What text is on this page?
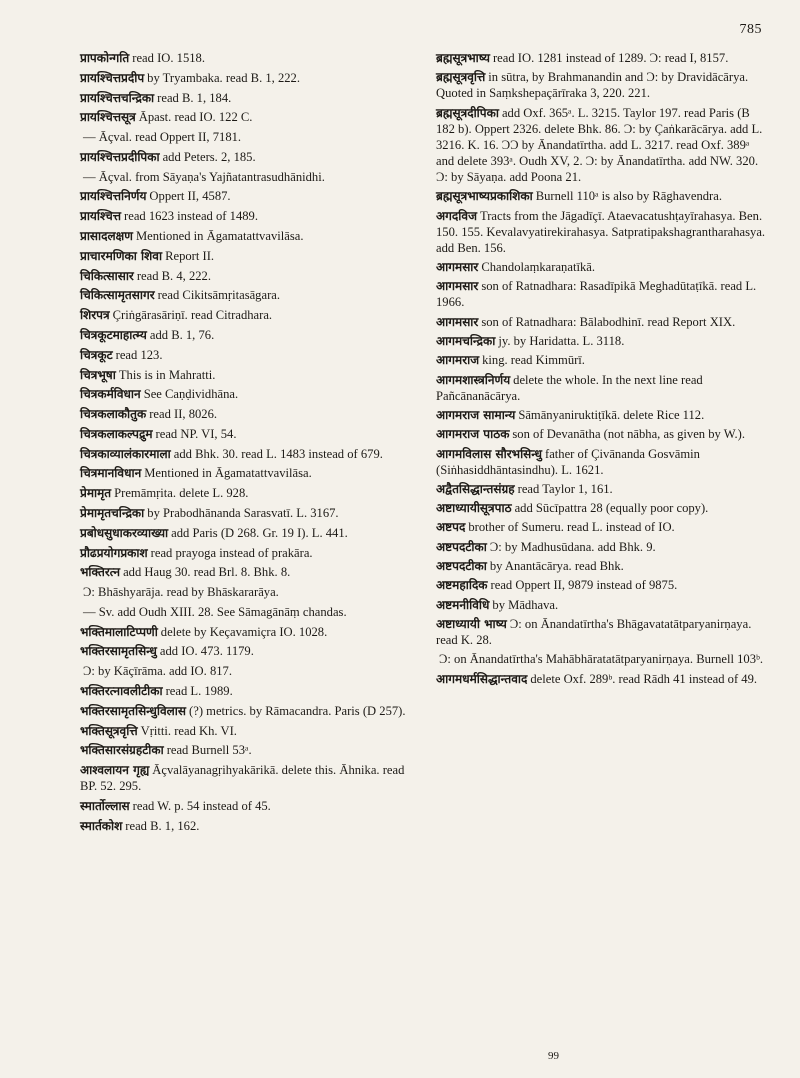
785

प्रापकोन्गति read IO. 1518.

प्रायश्चित्तप्रदीप by Tryambaka. read B. 1, 222.

प्रायश्चित्तचन्द्रिका read B. 1, 184.

प्रायश्चित्तसूत्र Āpast. read IO. 122 C.

— Āçval. read Oppert II, 7181.

प्रायश्चित्तप्रदीपिका add Peters. 2, 185.

— Āçval. from Sāyaṇa's Yajñatantrasudhānidhi.

प्रायश्चित्तनिर्णय Oppert II, 4587.

प्रायश्चित्त read 1623 instead of 1489.

प्रासादलक्षण Mentioned in Āgamatattvavilāsa.

प्राचारमणिका शिवा Report II.

चिकित्सासार read B. 4, 222.

चिकित्सामृतसागर read Cikitsāmṛitasāgara.

शिरपत्र Çriṅgārasāriṇī. read Citradhara.

चित्रकूटमाहात्म्य add B. 1, 76.

चित्रकूट read 123.

चित्रभूषा This is in Mahratti.

चित्रकर्मविधान See Caṇḍividhāna.

चित्रकलाकौतुक read II, 8026.

चित्रकलाकल्पद्रुम read NP. VI, 54.

चित्रकाव्यालंकारमाला add Bhk. 30. read L. 1483 instead of 679.

चित्रमानविधान Mentioned in Āgamatattvavilāsa.

प्रेमामृत Premāmṛita. delete L. 928.

प्रेमामृतचन्द्रिका by Prabodhānanda Sarasvatī. L. 3167.

प्रबोधसुधाकरव्याख्या add Paris (D 268. Gr. 19 I). L. 441.

प्रौढप्रयोगप्रकाश read prayoga instead of prakāra.

भक्तिरत्न add Haug 30. read Brl. 8. Bhk. 8.

Ɔ: Bhāshyarāja. read by Bhāskararāya.

— Sv. add Oudh XIII. 28. See Sāmagānāṃ chandas.

भक्तिमालाटिप्पणी delete by Keçavamiçra IO. 1028.

भक्तिरसामृतसिन्धु add IO. 473. 1179.

Ɔ: by Kāçīrāma. add IO. 817.

भक्तिरत्नावलीटीका read L. 1989.

भक्तिरसामृतसिन्धुविलास (?) metrics. by Rāmacandra. Paris (D 257).

भक्तिसूत्रवृत्ति Vṛitti. read Kh. VI.

भक्तिसारसंग्रहटीका read Burnell 53ᵃ.

आश्वलायन गृह्य Āçvalāyanagṛihyakārikā. delete this. Āhnika. read BP. 52. 295.

स्मार्तोल्लास read W. p. 54 instead of 45.

स्मार्तकोश read B. 1, 162.

ब्रह्मसूत्रभाष्य read IO. 1281 instead of 1289. Ɔ: read I, 8157.

ब्रह्मसूत्रवृत्ति in sūtra, by Brahmanandin and Ɔ: by Dravidācārya. Quoted in Saṃkshepaçārīraka 3, 220. 221.

ब्रह्मसूत्रदीपिका add Oxf. 365ᵃ. L. 3215. Taylor 197. read Paris (B 182 b). Oppert 2326. delete Bhk. 86. Ɔ: by Çaṅkarācārya. add L. 3216. K. 16. ƆƆ by Ānandatīrtha. add L. 3217. read Oxf. 389ᵃ and delete 393ᵃ. Oudh XV, 2. Ɔ: by Ānandatīrtha. add NW. 320. Ɔ: by Sāyaṇa. add Poona 21.

ब्रह्मसूत्रभाष्यप्रकाशिका Burnell 110ᵃ is also by Rāghavendra.

अगदविज Tracts from the Jāgadīçī. Ataevacatushṭayīrahasya. Ben. 150. 155. Kevalavyatirekirahasya. Satpratipakshagrantharahasya. add Ben. 156.

आगमसार Chandolaṃkaraṇatīkā.

आगमसार son of Ratnadhara: Rasadīpikā Meghadūtaṭīkā. read L. 1966.

आगमसार son of Ratnadhara: Bālabodhinī. read Report XIX.

आगमचन्द्रिका jy. by Haridatta. L. 3118.

आगमराज king. read Kimmūrī.

आगमशास्त्रनिर्णय delete the whole. In the next line read Pañcānanācārya.

आगमराज सामान्य Sāmānyaniruktiṭīkā. delete Rice 112.

आगमराज पाठक son of Devanātha (not nābha, as given by W.).

आगमविलास सौरभसिन्धु father of Çivānanda Gosvāmin (Siṅhasiddhāntasindhu). L. 1621.

अद्वैतसिद्धान्तसंग्रह read Taylor 1, 161.

अष्टाध्यायीसूत्रपाठ add Sūcīpattra 28 (equally poor copy).

अष्टपद brother of Sumeru. read L. instead of IO.

अष्टपदटीका Ɔ: by Madhusūdana. add Bhk. 9.

अष्टपदटीका by Anantācārya. read Bhk.

अष्टमहादिक read Oppert II, 9879 instead of 9875.

अष्टमनीविधि by Mādhava.

अष्टाध्यायी भाष्य Ɔ: on Ānandatīrtha's Bhāgavatatātparyanirṇaya. read K. 28.

Ɔ: on Ānandatīrtha's Mahābhāratatātparyanirṇaya. Burnell 103ᵇ.

आगमधर्मसिद्धान्तवाद delete Oxf. 289ᵇ. read Rādh 41 instead of 49.

99
